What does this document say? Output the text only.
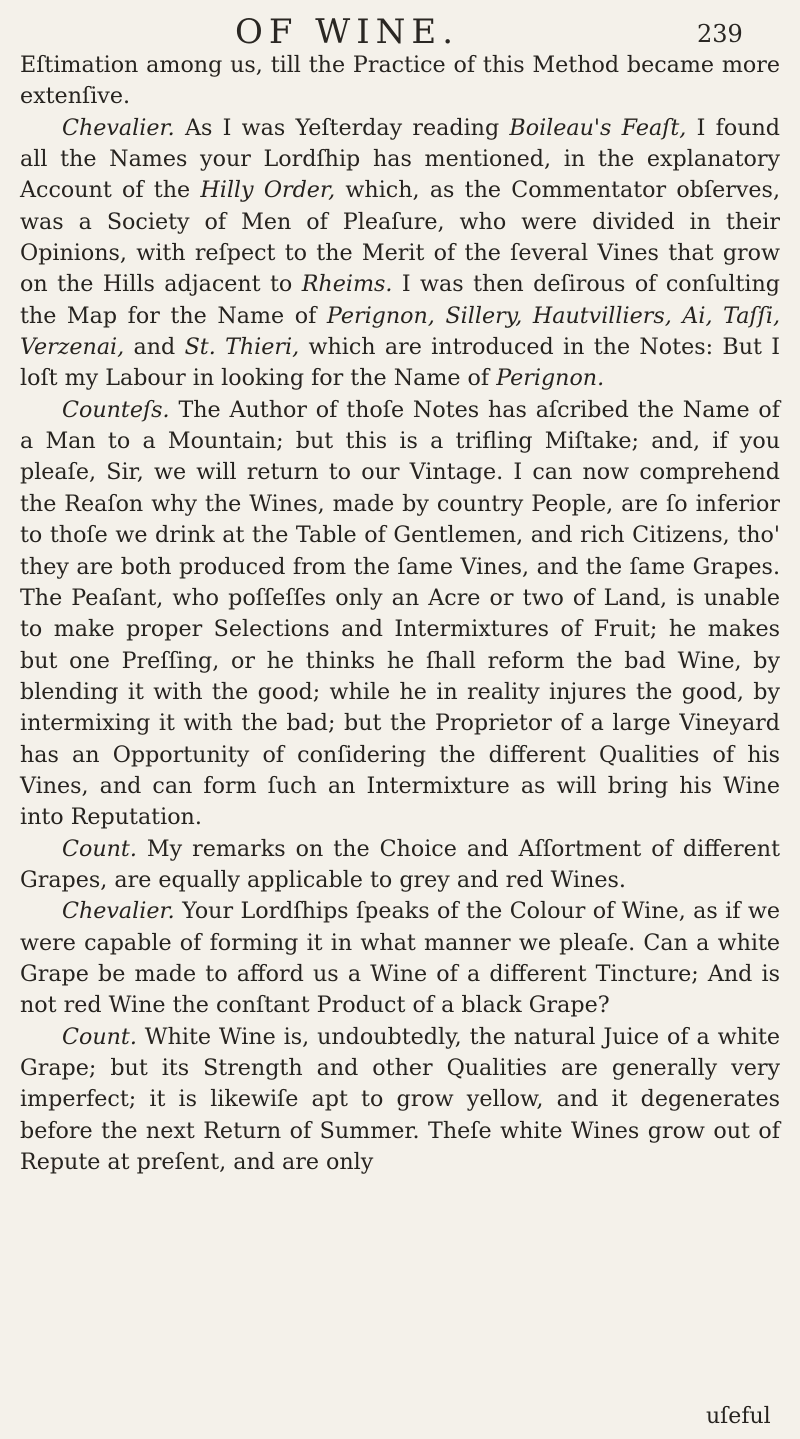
OF WINE.	239

Eſtimation among us, till the Practice of this Method became more extenſive.

Chevalier. As I was Yeſterday reading Boileau's Feaſt, I found all the Names your Lordſhip has mentioned, in the explanatory Account of the Hilly Order, which, as the Commentator obſerves, was a Society of Men of Pleaſure, who were divided in their Opinions, with reſpect to the Merit of the ſeveral Vines that grow on the Hills adjacent to Rheims. I was then deſirous of conſulting the Map for the Name of Perignon, Sillery, Hautvilliers, Ai, Taſſi, Verzenai, and St. Thieri, which are introduced in the Notes: But I loſt my Labour in looking for the Name of Perignon.

Counteſs. The Author of thoſe Notes has aſcribed the Name of a Man to a Mountain; but this is a trifling Miſtake; and, if you pleaſe, Sir, we will return to our Vintage. I can now comprehend the Reaſon why the Wines, made by country People, are ſo inferior to thoſe we drink at the Table of Gentlemen, and rich Citizens, tho' they are both produced from the ſame Vines, and the ſame Grapes. The Peaſant, who poſſeſſes only an Acre or two of Land, is unable to make proper Selections and Intermixtures of Fruit; he makes but one Preſſing, or he thinks he ſhall reform the bad Wine, by blending it with the good; while he in reality injures the good, by intermixing it with the bad; but the Proprietor of a large Vineyard has an Opportunity of conſidering the different Qualities of his Vines, and can form ſuch an Intermixture as will bring his Wine into Reputation.

Count. My remarks on the Choice and Aſſortment of different Grapes, are equally applicable to grey and red Wines.

Chevalier. Your Lordſhips ſpeaks of the Colour of Wine, as if we were capable of forming it in what manner we pleaſe. Can a white Grape be made to afford us a Wine of a different Tincture; And is not red Wine the conſtant Product of a black Grape?

Count. White Wine is, undoubtedly, the natural Juice of a white Grape; but its Strength and other Qualities are generally very imperfect; it is likewiſe apt to grow yellow, and it degenerates before the next Return of Summer. Theſe white Wines grow out of Repute at preſent, and are only

uſeful
